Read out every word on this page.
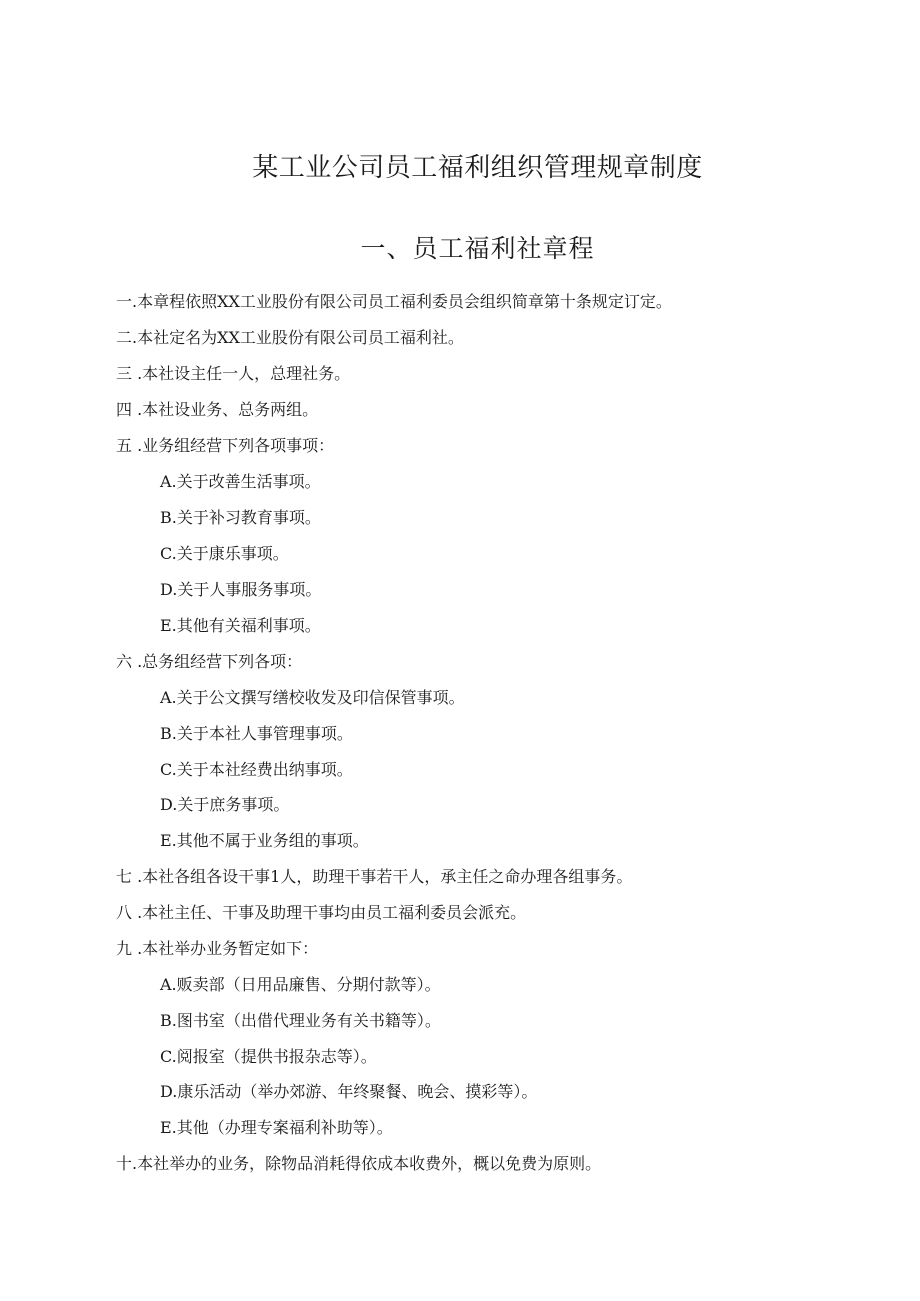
某工业公司员工福利组织管理规章制度
一、员工福利社章程

一.本章程依照XX工业股份有限公司员工福利委员会组织简章第十条规定订定。

二.本社定名为XX工业股份有限公司员工福利社。

三 .本社设主任一人，总理社务。

四 .本社设业务、总务两组。

五 .业务组经营下列各项事项：

A.关于改善生活事项。

B.关于补习教育事项。

C.关于康乐事项。

D.关于人事服务事项。

E.其他有关福利事项。

六 .总务组经营下列各项：

A.关于公文撰写缮校收发及印信保管事项。

B.关于本社人事管理事项。

C.关于本社经费出纳事项。

D.关于庶务事项。

E.其他不属于业务组的事项。

七 .本社各组各设干事1人，助理干事若干人，承主任之命办理各组事务。

八 .本社主任、干事及助理干事均由员工福利委员会派充。

九 .本社举办业务暂定如下：

A.贩卖部（日用品廉售、分期付款等）。

B.图书室（出借代理业务有关书籍等）。

C.阅报室（提供书报杂志等）。

D.康乐活动（举办郊游、年终聚餐、晚会、摸彩等）。

E.其他（办理专案福利补助等）。

十.本社举办的业务，除物品消耗得依成本收费外，概以免费为原则。
